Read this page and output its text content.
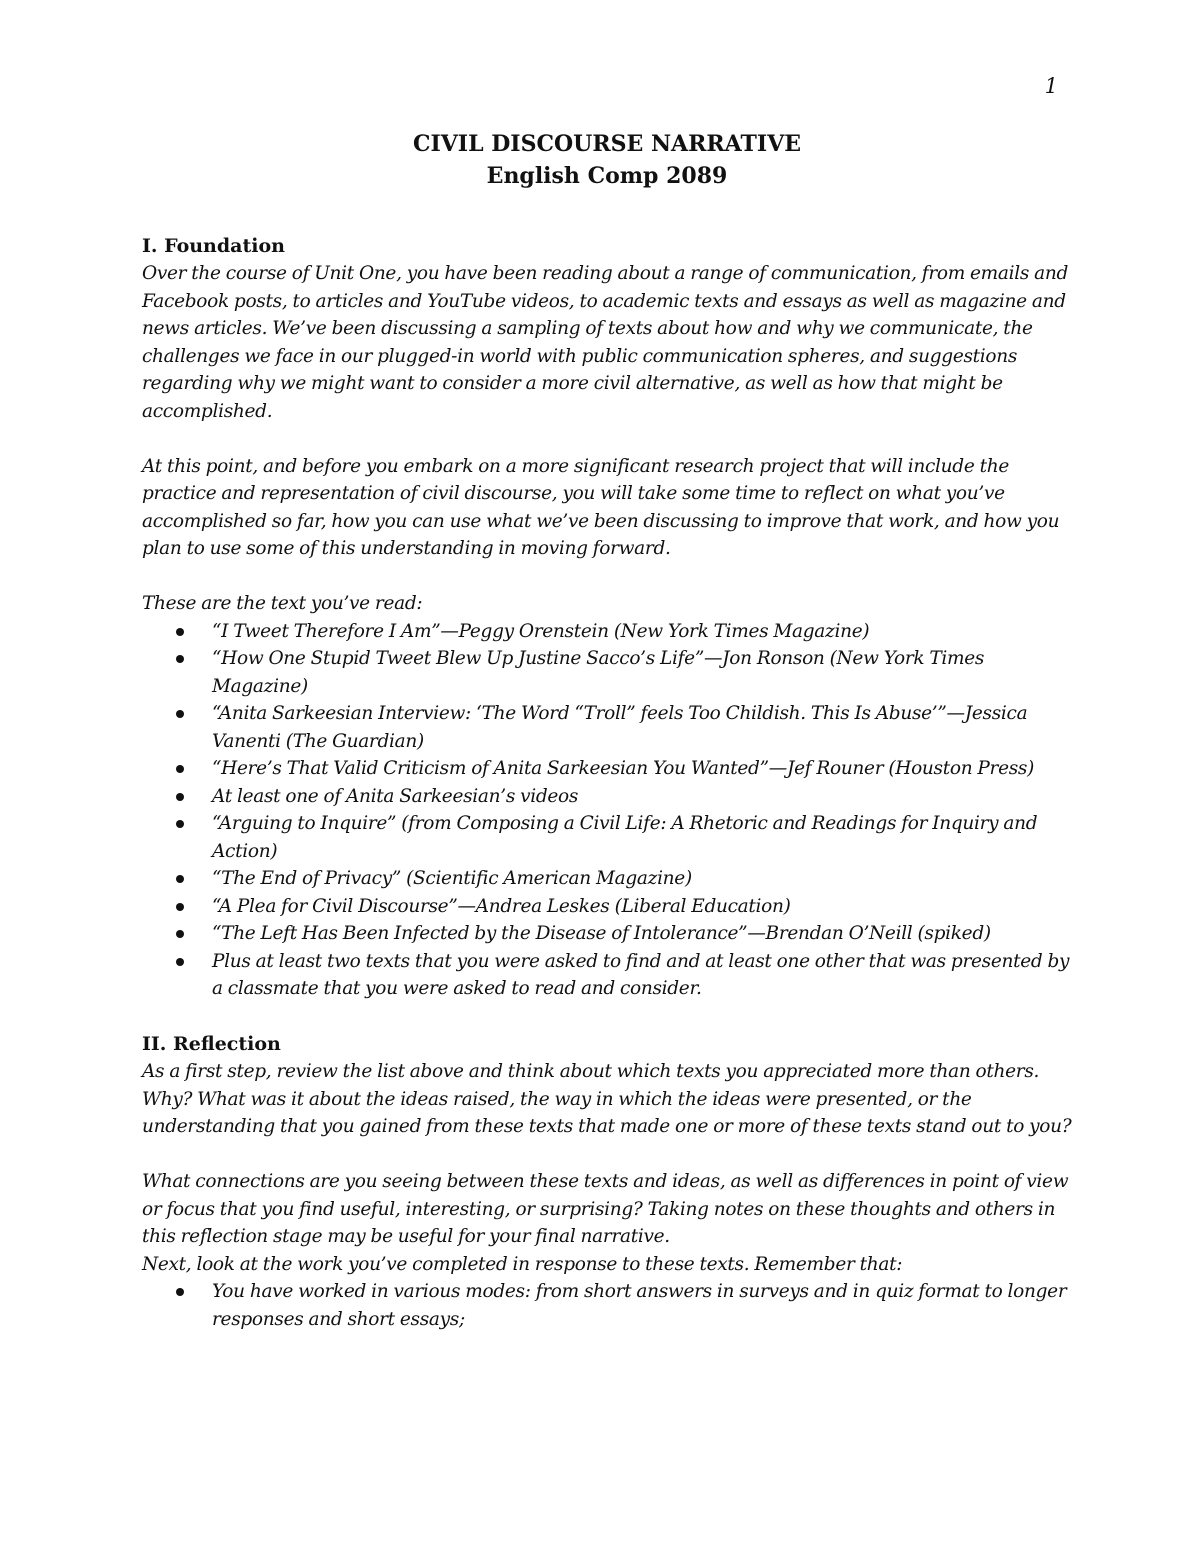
1
CIVIL DISCOURSE NARRATIVE
English Comp 2089
I. Foundation

Over the course of Unit One, you have been reading about a range of communication, from emails and Facebook posts, to articles and YouTube videos, to academic texts and essays as well as magazine and news articles. We’ve been discussing a sampling of texts about how and why we communicate, the challenges we face in our plugged-in world with public communication spheres, and suggestions regarding why we might want to consider a more civil alternative, as well as how that might be accomplished.

At this point, and before you embark on a more significant research project that will include the practice and representation of civil discourse, you will take some time to reflect on what you’ve accomplished so far, how you can use what we’ve been discussing to improve that work, and how you plan to use some of this understanding in moving forward.

These are the text you’ve read:

“I Tweet Therefore I Am”—Peggy Orenstein (New York Times Magazine)
“How One Stupid Tweet Blew Up Justine Sacco’s Life”—Jon Ronson (New York Times Magazine)
“Anita Sarkeesian Interview: ‘The Word “Troll” feels Too Childish. This Is Abuse’”—Jessica Vanenti (The Guardian)
“Here’s That Valid Criticism of Anita Sarkeesian You Wanted”—Jef Rouner (Houston Press)
At least one of Anita Sarkeesian’s videos
“Arguing to Inquire” (from Composing a Civil Life: A Rhetoric and Readings for Inquiry and Action)
“The End of Privacy” (Scientific American Magazine)
“A Plea for Civil Discourse”—Andrea Leskes (Liberal Education)
“The Left Has Been Infected by the Disease of Intolerance”—Brendan O’Neill (spiked)
Plus at least two texts that you were asked to find and at least one other that was presented by a classmate that you were asked to read and consider.
II. Reflection

As a first step, review the list above and think about which texts you appreciated more than others. Why? What was it about the ideas raised, the way in which the ideas were presented, or the understanding that you gained from these texts that made one or more of these texts stand out to you?

What connections are you seeing between these texts and ideas, as well as differences in point of view or focus that you find useful, interesting, or surprising? Taking notes on these thoughts and others in this reflection stage may be useful for your final narrative.

Next, look at the work you’ve completed in response to these texts. Remember that:

You have worked in various modes: from short answers in surveys and in quiz format to longer responses and short essays;
